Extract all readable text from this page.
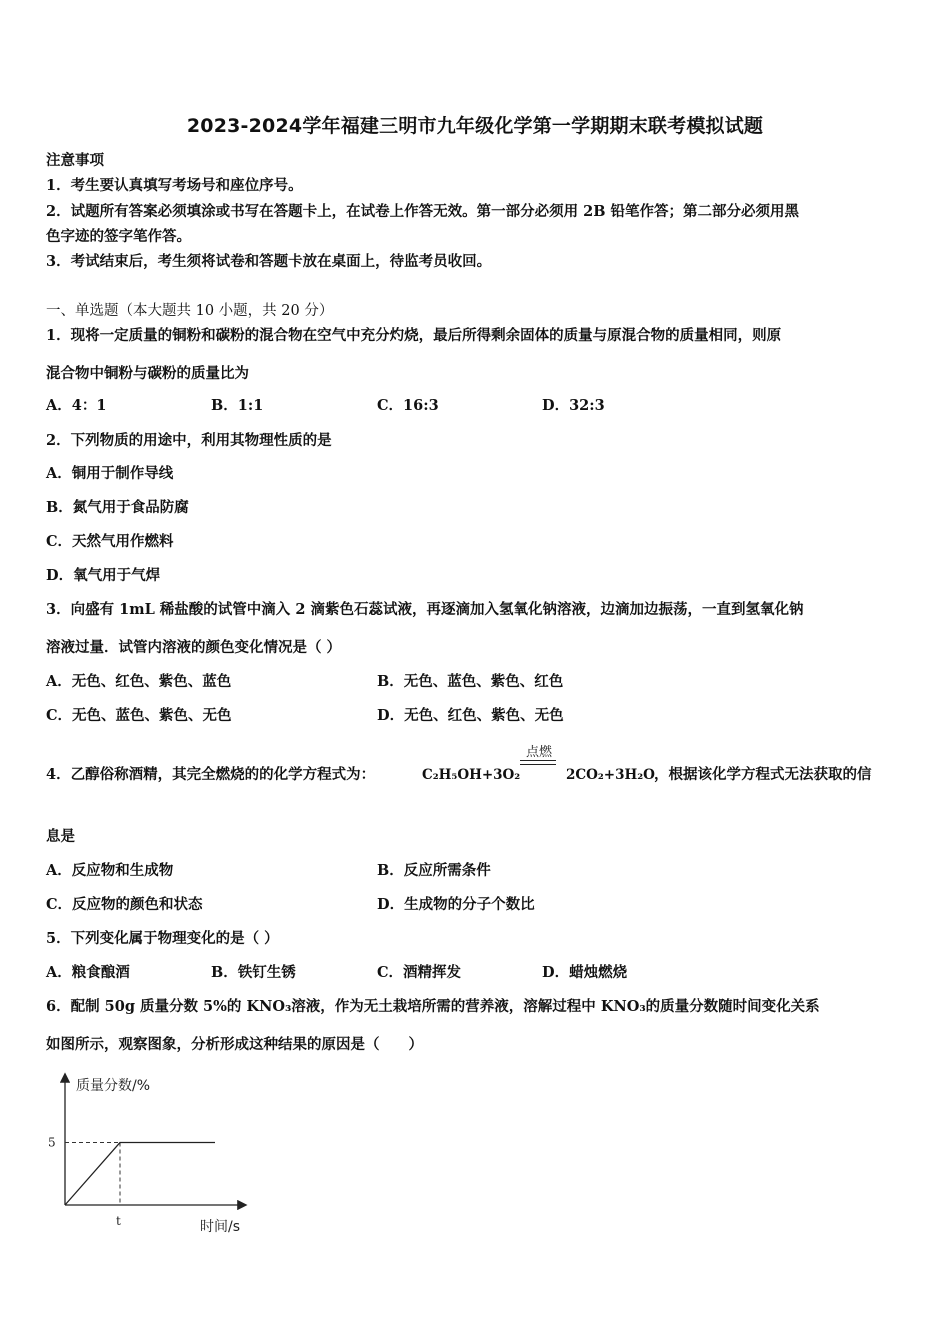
2023-2024学年福建三明市九年级化学第一学期期末联考模拟试题
注意事项
1．考生要认真填写考场号和座位序号。
2．试题所有答案必须填涂或书写在答题卡上，在试卷上作答无效。第一部分必须用 2B 铅笔作答；第二部分必须用黑
色字迹的签字笔作答。
3．考试结束后，考生须将试卷和答题卡放在桌面上，待监考员收回。
一、单选题（本大题共 10 小题，共 20 分）
1．现将一定质量的铜粉和碳粉的混合物在空气中充分灼烧，最后所得剩余固体的质量与原混合物的质量相同，则原
混合物中铜粉与碳粉的质量比为
A．4：1	B．1:1	C．16:3	D．32:3
2．下列物质的用途中，利用其物理性质的是
A．铜用于制作导线
B．氮气用于食品防腐
C．天然气用作燃料
D．氧气用于气焊
3．向盛有 1mL 稀盐酸的试管中滴入 2 滴紫色石蕊试液，再逐滴加入氢氧化钠溶液，边滴加边振荡，一直到氢氧化钠
溶液过量．试管内溶液的颜色变化情况是（ ）
A．无色、红色、紫色、蓝色	B．无色、蓝色、紫色、红色
C．无色、蓝色、紫色、无色	D．无色、红色、紫色、无色
点燃
4．乙醇俗称酒精，其完全燃烧的的化学方程式为：	C₂H₅OH+3O₂	2CO₂+3H₂O ，根据该化学方程式无法获取的信
息是
A．反应物和生成物	B．反应所需条件
C．反应物的颜色和状态	D．生成物的分子个数比
5．下列变化属于物理变化的是（ ）
A．粮食酿酒	B．铁钉生锈	C．酒精挥发	D．蜡烛燃烧
6．配制 50g 质量分数 5%的 KNO₃溶液，作为无土栽培所需的营养液，溶解过程中 KNO₃的质量分数随时间变化关系
如图所示，观察图象，分析形成这种结果的原因是（　　）
质量分数/%
时间/s
5
t
